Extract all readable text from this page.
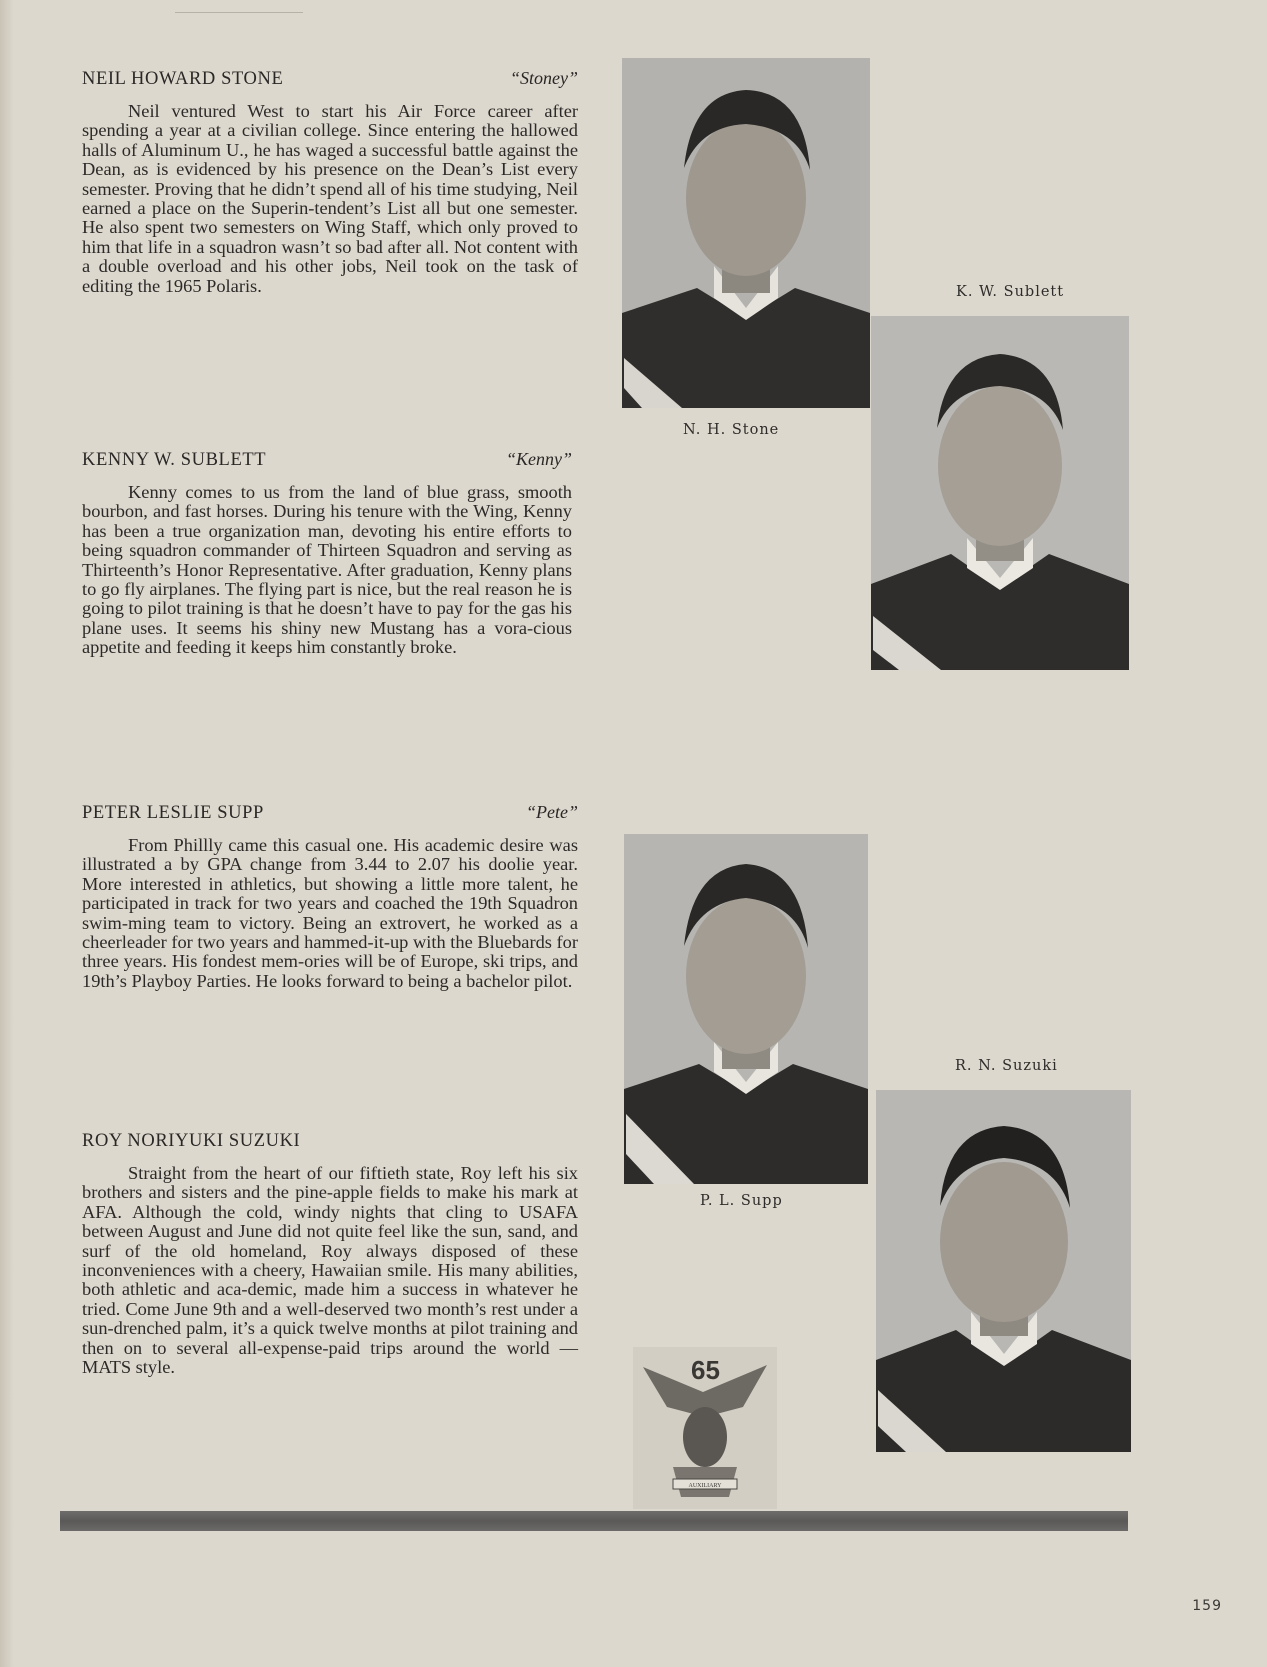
NEIL HOWARD STONE	“Stoney”
Neil ventured West to start his Air Force career after spending a year at a civilian college. Since entering the hallowed halls of Aluminum U., he has waged a successful battle against the Dean, as is evidenced by his presence on the Dean’s List every semester. Proving that he didn’t spend all of his time studying, Neil earned a place on the Superin-tendent’s List all but one semester. He also spent two semesters on Wing Staff, which only proved to him that life in a squadron wasn’t so bad after all. Not content with a double overload and his other jobs, Neil took on the task of editing the 1965 Polaris.
KENNY W. SUBLETT	“Kenny”
Kenny comes to us from the land of blue grass, smooth bourbon, and fast horses. During his tenure with the Wing, Kenny has been a true organization man, devoting his entire efforts to being squadron commander of Thirteen Squadron and serving as Thirteenth’s Honor Representative. After graduation, Kenny plans to go fly airplanes. The flying part is nice, but the real reason he is going to pilot training is that he doesn’t have to pay for the gas his plane uses. It seems his shiny new Mustang has a vora-cious appetite and feeding it keeps him constantly broke.
PETER LESLIE SUPP	“Pete”
From Phillly came this casual one. His academic desire was illustrated a by GPA change from 3.44 to 2.07 his doolie year. More interested in athletics, but showing a little more talent, he participated in track for two years and coached the 19th Squadron swim-ming team to victory. Being an extrovert, he worked as a cheerleader for two years and hammed-it-up with the Bluebards for three years. His fondest mem-ories will be of Europe, ski trips, and 19th’s Playboy Parties. He looks forward to being a bachelor pilot.
ROY NORIYUKI SUZUKI
Straight from the heart of our fiftieth state, Roy left his six brothers and sisters and the pine-apple fields to make his mark at AFA. Although the cold, windy nights that cling to USAFA between August and June did not quite feel like the sun, sand, and surf of the old homeland, Roy always disposed of these inconveniences with a cheery, Hawaiian smile. His many abilities, both athletic and aca-demic, made him a success in whatever he tried. Come June 9th and a well-deserved two month’s rest under a sun-drenched palm, it’s a quick twelve months at pilot training and then on to several all-expense-paid trips around the world — MATS style.
N. H. Stone
K. W. Sublett
P. L. Supp
R. N. Suzuki
65
AUXILIARY
159
